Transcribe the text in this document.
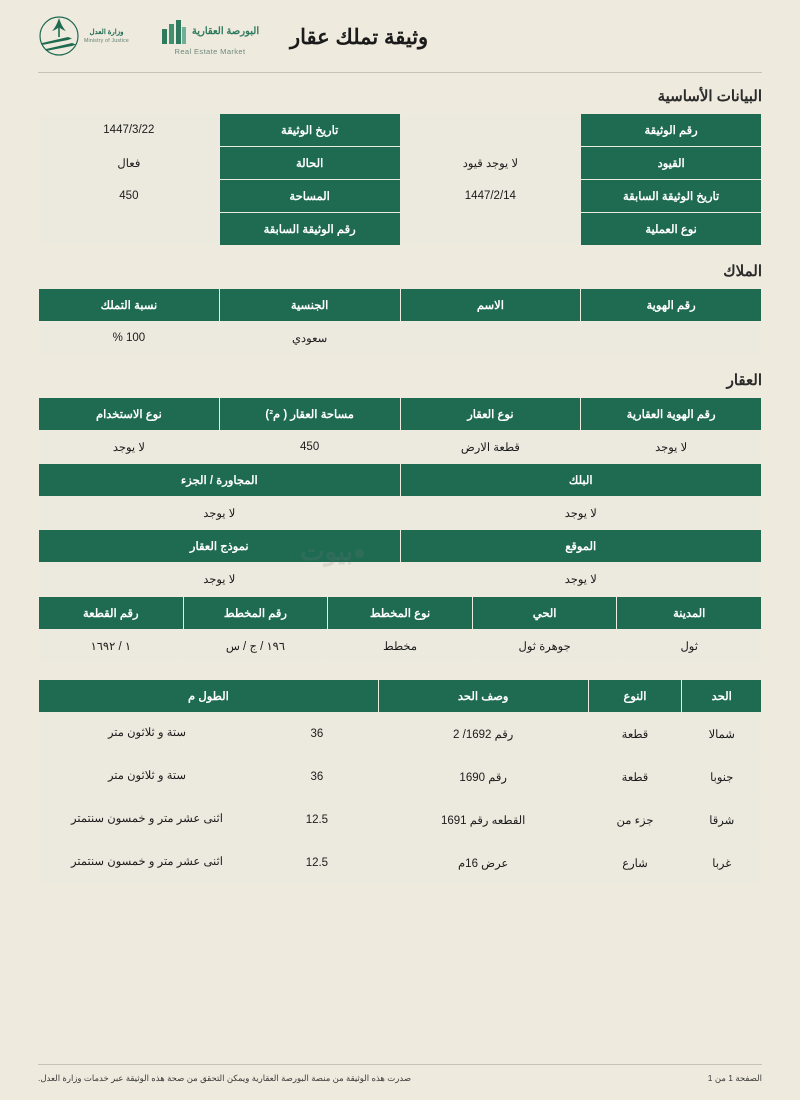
وزارة العدل
Ministry of Justice
البورصة العقارية
Real Estate Market
وثيقة تملك عقار
البيانات الأساسية
رقم الوثيقة		تاريخ الوثيقة	1447/3/22
القيود	لا يوجد قيود	الحالة	فعال
تاريخ الوثيقة السابقة	1447/2/14	المساحة	450
نوع العملية		رقم الوثيقة السابقة	
الملاك
رقم الهوية	الاسم	الجنسية	نسبة التملك
		سعودي	100 %
العقار
رقم الهوية العقارية	نوع العقار	مساحة العقار ( م²)	نوع الاستخدام
لا يوجد	قطعة الارض	450	لا يوجد
البلك		المجاورة / الجزء	
لا يوجد		لا يوجد	
الموقع		نموذج العقار	
لا يوجد		لا يوجد	
المدينة	الحي	نوع المخطط	رقم المخطط	رقم القطعة
ثول	جوهرة ثول	مخطط	١٩٦ / ج / س	١ / ١٦٩٢
الحد	النوع	وصف الحد	الطول م	
شمالا	قطعة	رقم 1692/ 2	36	ستة و ثلاثون متر
جنوبا	قطعة	رقم 1690	36	ستة و ثلاثون متر
شرقا	جزء من	القطعه رقم 1691	12.5	اثنى عشر متر و خمسون سنتمتر
غربا	شارع	عرض 16م	12.5	اثنى عشر متر و خمسون سنتمتر
صدرت هذه الوثيقة من منصة البورصة العقارية ويمكن التحقق من صحة هذه الوثيقة عبر خدمات وزارة العدل.	الصفحة 1 من 1
